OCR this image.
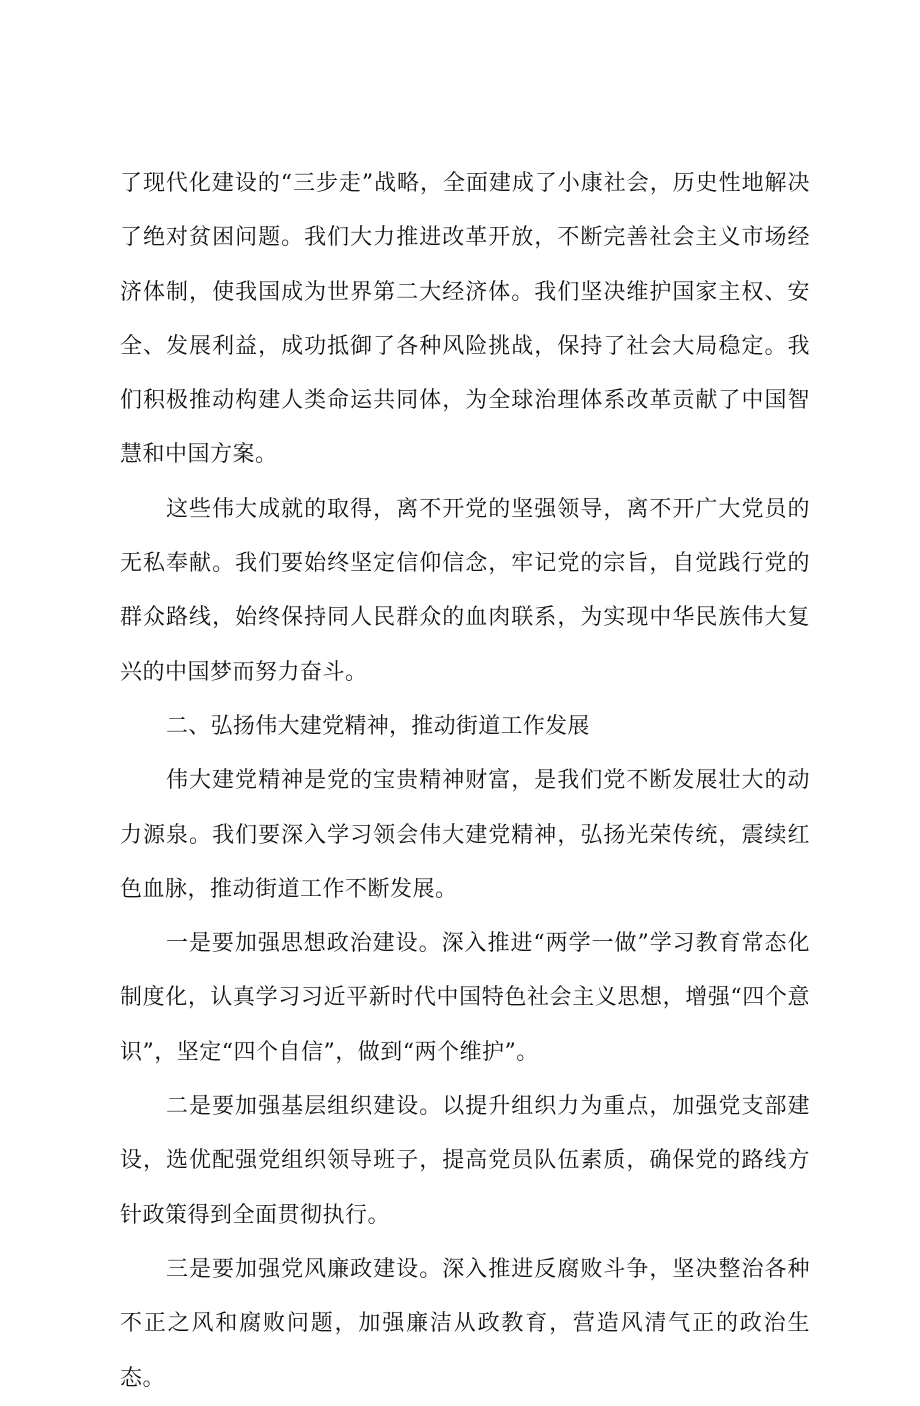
了现代化建设的“三步走”战略，全面建成了小康社会，历史性地解决了绝对贫困问题。我们大力推进改革开放，不断完善社会主义市场经济体制，使我国成为世界第二大经济体。我们坚决维护国家主权、安全、发展利益，成功抵御了各种风险挑战，保持了社会大局稳定。我们积极推动构建人类命运共同体，为全球治理体系改革贡献了中国智慧和中国方案。

这些伟大成就的取得，离不开党的坚强领导，离不开广大党员的无私奉献。我们要始终坚定信仰信念，牢记党的宗旨，自觉践行党的群众路线，始终保持同人民群众的血肉联系，为实现中华民族伟大复兴的中国梦而努力奋斗。

二、弘扬伟大建党精神，推动街道工作发展

伟大建党精神是党的宝贵精神财富，是我们党不断发展壮大的动力源泉。我们要深入学习领会伟大建党精神，弘扬光荣传统，震续红色血脉，推动街道工作不断发展。

一是要加强思想政治建设。深入推进“两学一做”学习教育常态化制度化，认真学习习近平新时代中国特色社会主义思想，增强“四个意识”，坚定“四个自信”，做到“两个维护”。

二是要加强基层组织建设。以提升组织力为重点，加强党支部建设，选优配强党组织领导班子，提高党员队伍素质，确保党的路线方针政策得到全面贯彻执行。

三是要加强党风廉政建设。深入推进反腐败斗争，坚决整治各种不正之风和腐败问题，加强廉洁从政教育，营造风清气正的政治生态。
